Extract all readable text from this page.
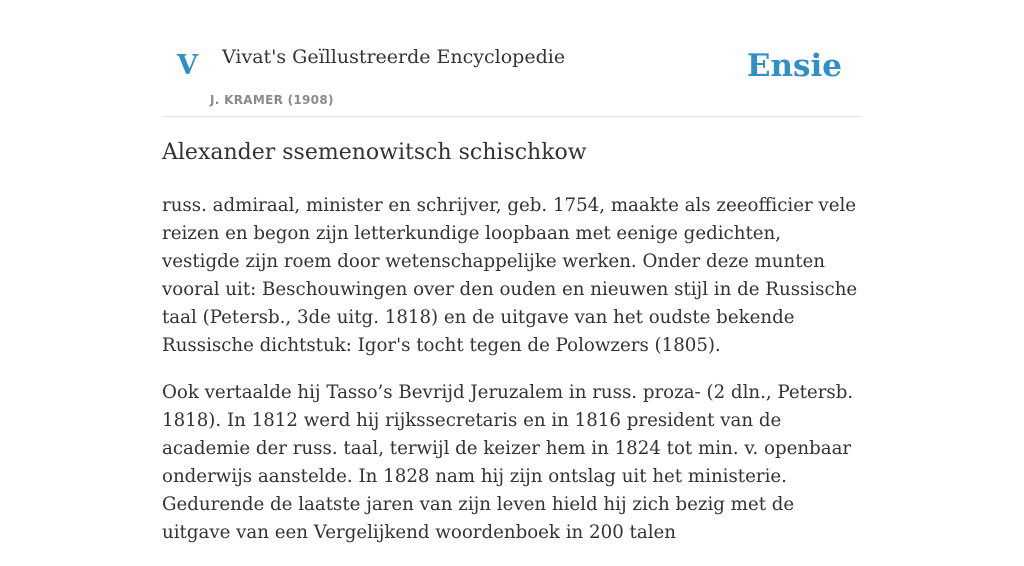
V Vivat's Geïllustreerde Encyclopedie
J. KRAMER (1908)
Ensie
Alexander ssemenowitsch schischkow

russ. admiraal, minister en schrijver, geb. 1754, maakte als zeeofficier vele reizen en begon zijn letterkundige loopbaan met eenige gedichten, vestigde zijn roem door wetenschappelijke werken. Onder deze munten vooral uit: Beschouwingen over den ouden en nieuwen stijl in de Russische taal (Petersb., 3de uitg. 1818) en de uitgave van het oudste bekende Russische dichtstuk: Igor's tocht tegen de Polowzers (1805).

Ook vertaalde hij Tasso’s Bevrijd Jeruzalem in russ. proza- (2 dln., Petersb. 1818). In 1812 werd hij rijkssecretaris en in 1816 president van de academie der russ. taal, terwijl de keizer hem in 1824 tot min. v. openbaar onderwijs aanstelde. In 1828 nam hij zijn ontslag uit het ministerie. Gedurende de laatste jaren van zijn leven hield hij zich bezig met de uitgave van een Vergelijkend woordenboek in 200 talen
